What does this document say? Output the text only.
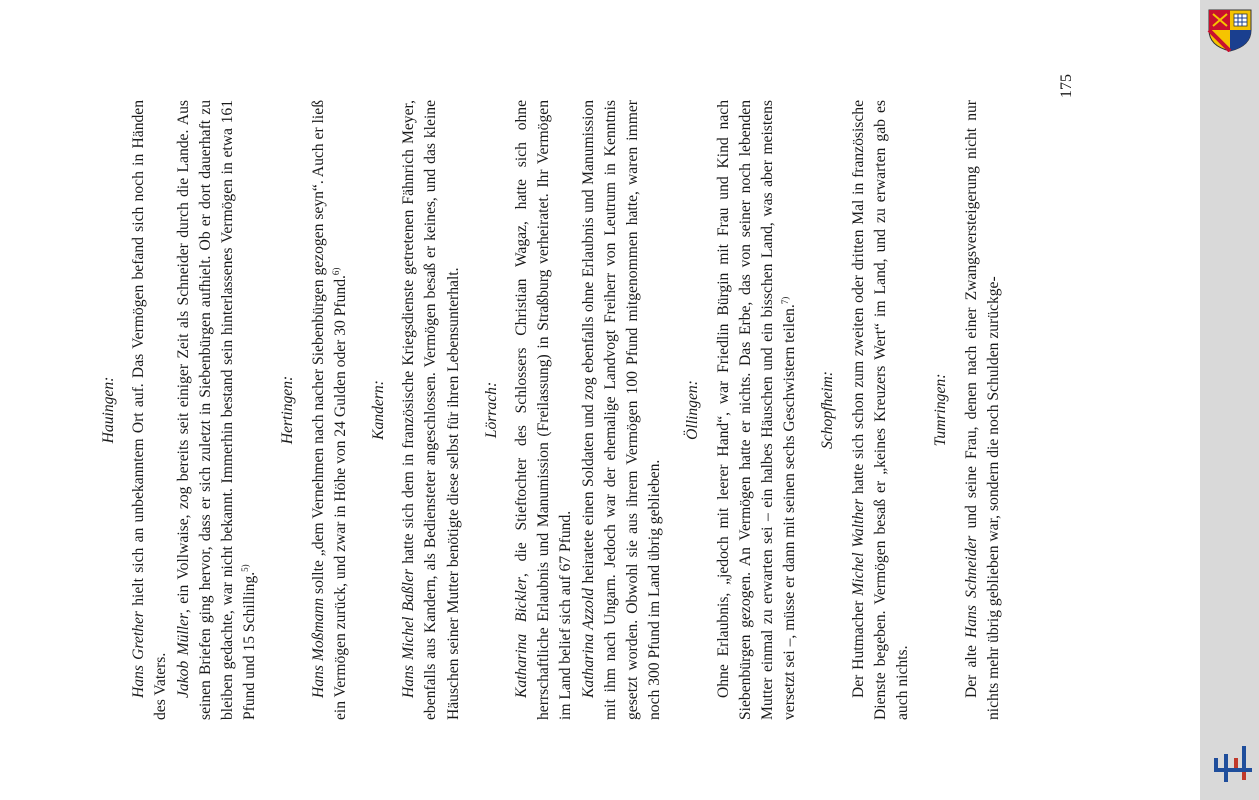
175
Hauingen:

Hans Grether hielt sich an unbekanntem Ort auf. Das Vermögen befand sich noch in Händen des Vaters. Jakob Müller, ein Vollwaise, zog bereits seit einiger Zeit als Schneider durch die Lande. Aus seinen Briefen ging hervor, dass er sich zuletzt in Siebenbürgen aufhielt. Ob er dort dauerhaft zu bleiben gedachte, war nicht bekannt. Immerhin bestand sein hinterlassenes Vermögen in etwa 161 Pfund und 15 Schilling.$^{5)}$

Hertingen:

Hans Moßmann sollte „dem Vernehmen nach nacher Siebenbürgen gezogen seyn“. Auch er ließ ein Vermögen zurück, und zwar in Höhe von 24 Gulden oder 30 Pfund.$^{6)}$

Kandern:

Hans Michel Baßler hatte sich dem in französische Kriegsdienste getretenen Fähnrich Meyer, ebenfalls aus Kandern, als Bediensteter angeschlossen. Vermögen besaß er keines, und das kleine Häuschen seiner Mutter benötigte diese selbst für ihren Lebensunterhalt. Lörrach:

Katharina Bickler, die Stieftochter des Schlossers Christian Wagaz, hatte sich ohne herrschaftliche Erlaubnis und Manumission (Freilassung) in Straßburg verheiratet. Ihr Vermögen im Land belief sich auf 67 Pfund. Katharina Azzold heiratete einen Soldaten und zog ebenfalls ohne Erlaubnis und Manumission mit ihm nach Ungarn. Jedoch war der ehemalige Landvogt Freiherr von Leutrum in Kenntnis gesetzt worden. Obwohl sie aus ihrem Vermögen 100 Pfund mitgenommen hatte, waren immer noch 300 Pfund im Land übrig geblieben.

Öllingen: Ohne Erlaubnis, „jedoch mit leerer Hand“, war Friedlin Bürgin mit Frau und Kind nach Siebenbürgen gezogen. An Vermögen hatte er nichts. Das Erbe, das von seiner noch lebenden Mutter einmal zu erwarten sei – ein halbes Häuschen und ein bisschen Land, was aber meistens versetzt sei –, müsse er dann mit seinen sechs Geschwistern teilen.$^{7)}$

Schopfheim:

Der Hutmacher Michel Walther hatte sich schon zum zweiten oder dritten Mal in französische Dienste begeben. Vermögen besaß er „keines Kreuzers Wert“ im Land, und zu erwarten gab es auch nichts.

Tumringen:

Der alte Hans Schneider und seine Frau, denen nach einer Zwangsversteigerung nicht nur nichts mehr übrig geblieben war, sondern die noch Schulden zurückge-
